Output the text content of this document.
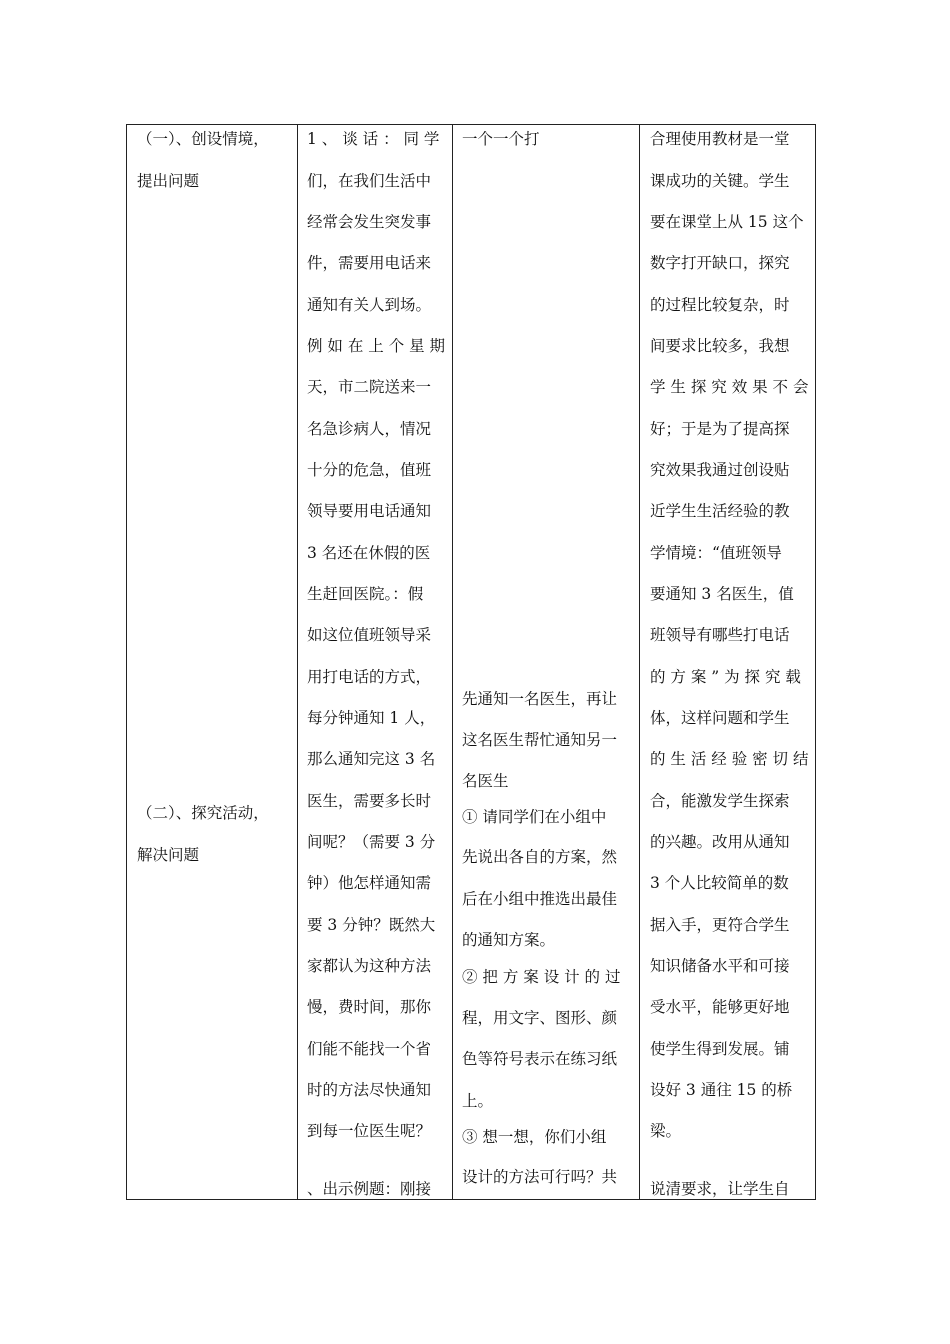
（一）、创设情境，
提出问题
（二）、探究活动，
解决问题
1 、 谈 话 ： 同 学
们，在我们生活中
经常会发生突发事
件，需要用电话来
通知有关人到场。
例 如 在 上 个 星 期
天，市二院送来一
名急诊病人，情况
十分的危急，值班
领导要用电话通知
3 名还在休假的医
生赶回医院。：假
如这位值班领导采
用打电话的方式，
每分钟通知 1 人，
那么通知完这 3 名
医生，需要多长时
间呢？（需要 3 分
钟）他怎样通知需
要 3 分钟？既然大
家都认为这种方法
慢，费时间，那你
们能不能找一个省
时的方法尽快通知
到每一位医生呢？
、出示例题：刚接
一个一个打
先通知一名医生，再让
这名医生帮忙通知另一
名医生
① 请同学们在小组中
先说出各自的方案，然
后在小组中推选出最佳
的通知方案。
② 把 方 案 设 计 的 过
程，用文字、图形、颜
色等符号表示在练习纸
上。
③ 想一想，你们小组
设计的方法可行吗？共
合理使用教材是一堂
课成功的关键。学生
要在课堂上从 15 这个
数字打开缺口，探究
的过程比较复杂，时
间要求比较多，我想
学 生 探 究 效 果 不 会
好；于是为了提高探
究效果我通过创设贴
近学生生活经验的教
学情境：“值班领导
要通知 3 名医生，值
班领导有哪些打电话
的 方 案 ” 为 探 究 载
体，这样问题和学生
的 生 活 经 验 密 切 结
合，能激发学生探索
的兴趣。改用从通知
3 个人比较简单的数
据入手，更符合学生
知识储备水平和可接
受水平，能够更好地
使学生得到发展。铺
设好 3 通往 15 的桥
梁。
说清要求，让学生自
